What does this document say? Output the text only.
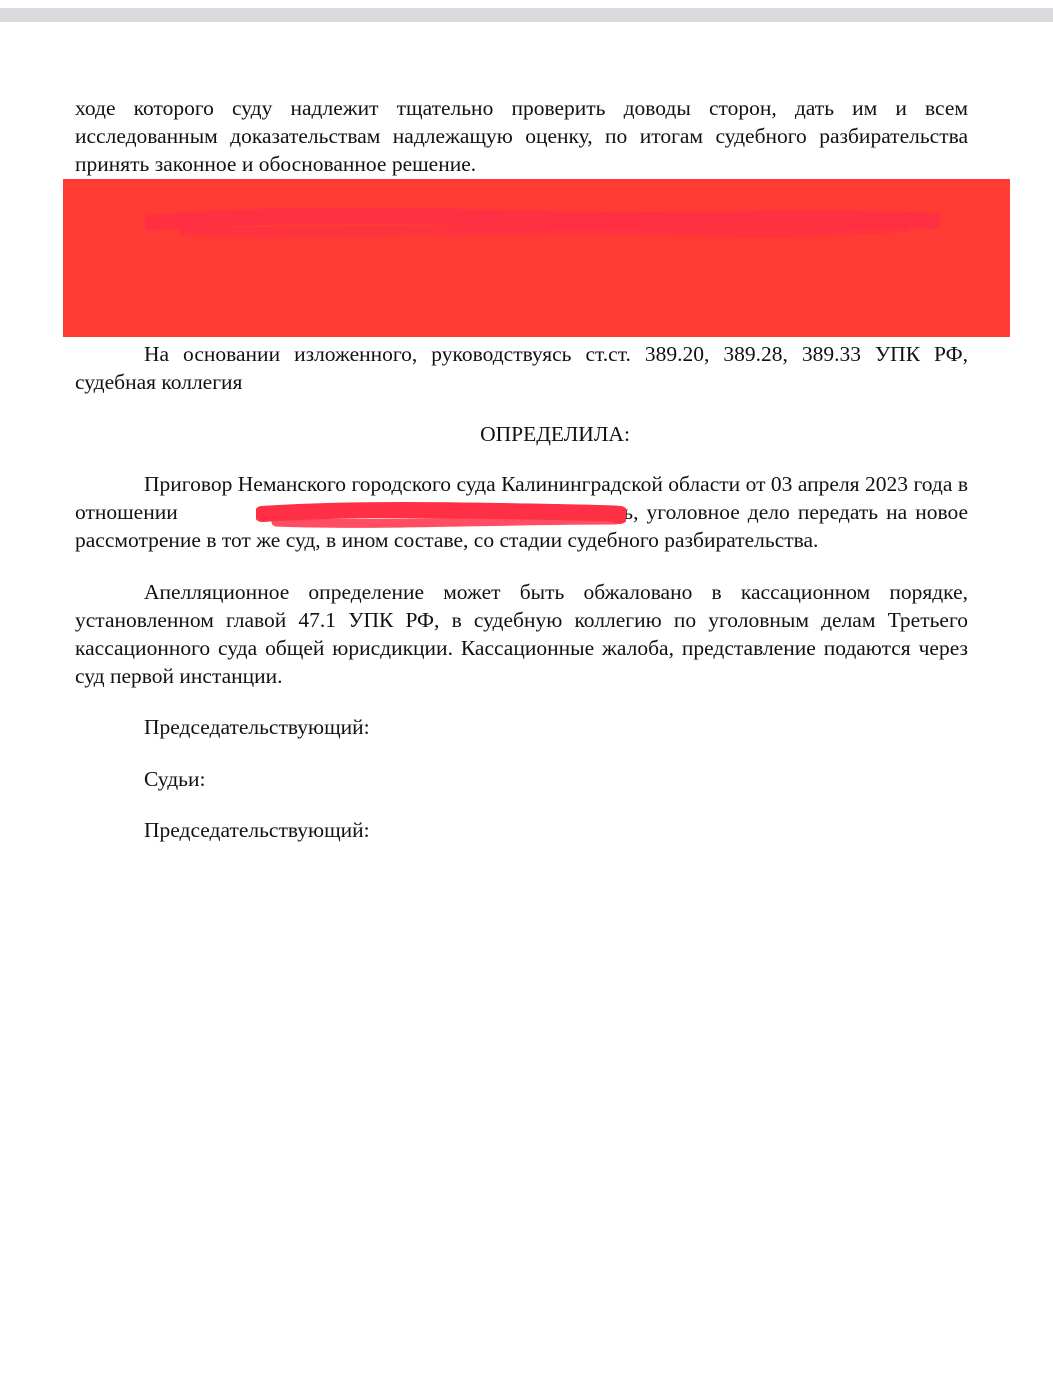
ходе которого суду надлежит тщательно проверить доводы сторон, дать им и всем исследованным доказательствам надлежащую оценку, по итогам судебного разбирательства принять законное и обоснованное решение.
На основании изложенного, руководствуясь ст.ст. 389.20, 389.28, 389.33 УПК РФ, судебная коллегия
ОПРЕДЕЛИЛА:
Приговор Неманского городского суда Калининградской области от 03 апреля 2023 года в отношении	отменить, уголовное дело передать на новое рассмотрение в тот же суд, в ином составе, со стадии судебного разбирательства.
Апелляционное определение может быть обжаловано в кассационном порядке, установленном главой 47.1 УПК РФ, в судебную коллегию по уголовным делам Третьего кассационного суда общей юрисдикции. Кассационные жалоба, представление подаются через суд первой инстанции.
Председательствующий:
Судьи:
Председательствующий:
